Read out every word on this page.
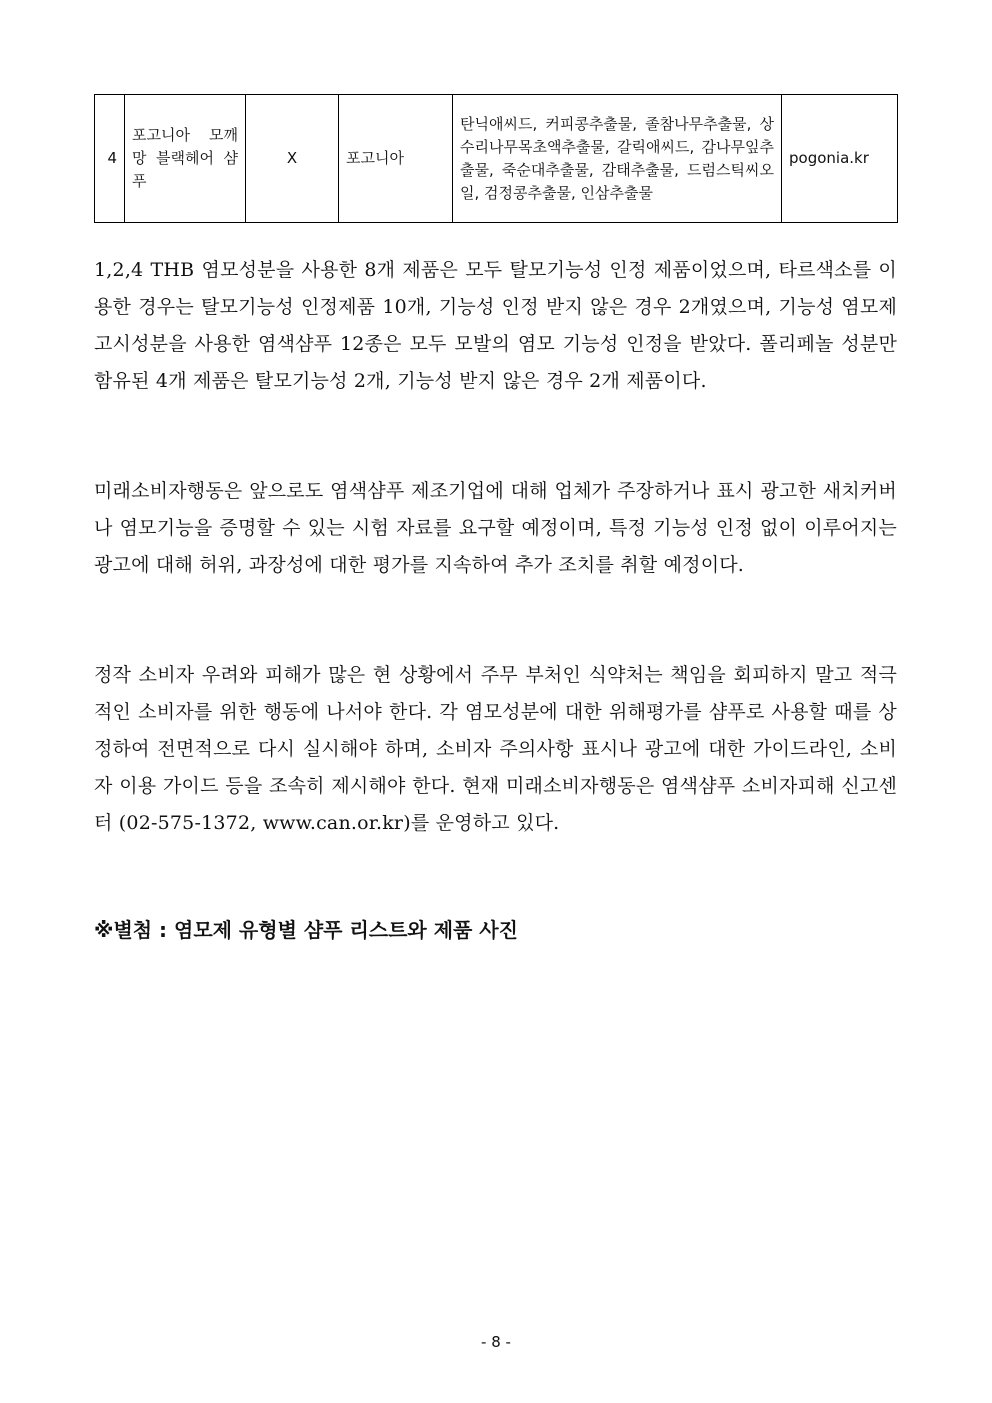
4	포고니아 모깨망 블랙헤어 샴푸	X	포고니아	탄닉애씨드, 커피콩추출물, 졸참나무추출물, 상수리나무목초액추출물, 갈릭애씨드, 감나무잎추출물, 죽순대추출물, 감태추출물, 드럼스틱씨오일, 검정콩추출물, 인삼추출물	pogonia.kr

1,2,4 THB 염모성분을 사용한 8개 제품은 모두 탈모기능성 인정 제품이었으며, 타르색소를 이용한 경우는 탈모기능성 인정제품 10개, 기능성 인정 받지 않은 경우 2개였으며, 기능성 염모제 고시성분을 사용한 염색샴푸 12종은 모두 모발의 염모 기능성 인정을 받았다. 폴리페놀 성분만 함유된 4개 제품은 탈모기능성 2개, 기능성 받지 않은 경우 2개 제품이다.

미래소비자행동은 앞으로도 염색샴푸 제조기업에 대해 업체가 주장하거나 표시 광고한 새치커버나 염모기능을 증명할 수 있는 시험 자료를 요구할 예정이며, 특정 기능성 인정 없이 이루어지는 광고에 대해 허위, 과장성에 대한 평가를 지속하여 추가 조치를 취할 예정이다.

정작 소비자 우려와 피해가 많은 현 상황에서 주무 부처인 식약처는 책임을 회피하지 말고 적극적인 소비자를 위한 행동에 나서야 한다. 각 염모성분에 대한 위해평가를 샴푸로 사용할 때를 상정하여 전면적으로 다시 실시해야 하며, 소비자 주의사항 표시나 광고에 대한 가이드라인, 소비자 이용 가이드 등을 조속히 제시해야 한다. 현재 미래소비자행동은 염색샴푸 소비자피해 신고센터 (02-575-1372, www.can.or.kr)를 운영하고 있다.

※별첨 : 염모제 유형별 샴푸 리스트와 제품 사진

- 8 -
